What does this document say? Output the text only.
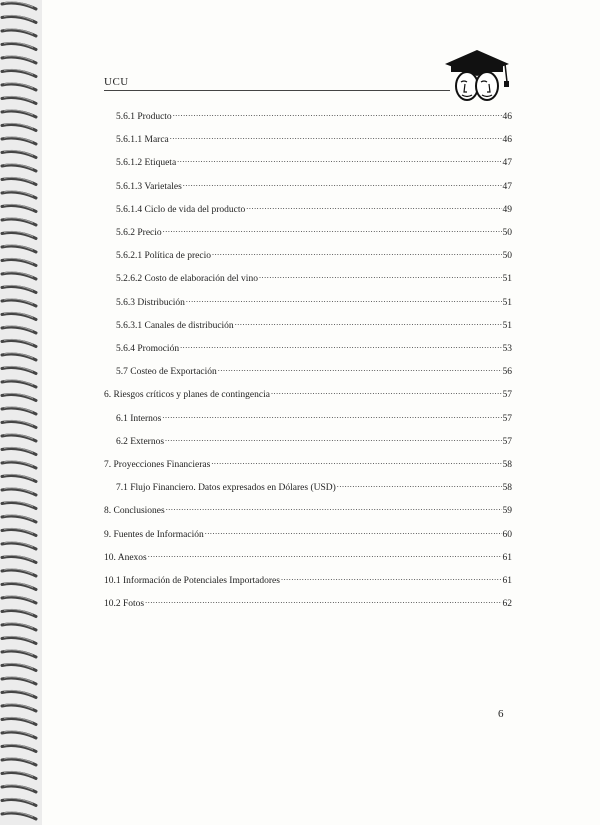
UCU
5.6.1 Producto .....	46
5.6.1.1 Marca .....	46
5.6.1.2 Etiqueta .....	47
5.6.1.3 Varietales .....	47
5.6.1.4 Ciclo de vida del producto .....	49
5.6.2 Precio .....	50
5.6.2.1 Política de precio .....	50
5.2.6.2 Costo de elaboración del vino .....	51
5.6.3 Distribución .....	51
5.6.3.1 Canales de distribución .....	51
5.6.4 Promoción .....	53
5.7 Costeo de Exportación .....	56
6. Riesgos críticos y planes de contingencia .....	57
6.1 Internos .....	57
6.2 Externos .....	57
7. Proyecciones Financieras .....	58
7.1 Flujo Financiero. Datos expresados en Dólares (USD) .....	58
8. Conclusiones .....	59
9. Fuentes de Información .....	60
10. Anexos .....	61
10.1 Información de Potenciales Importadores .....	61
10.2 Fotos .....	62
6
